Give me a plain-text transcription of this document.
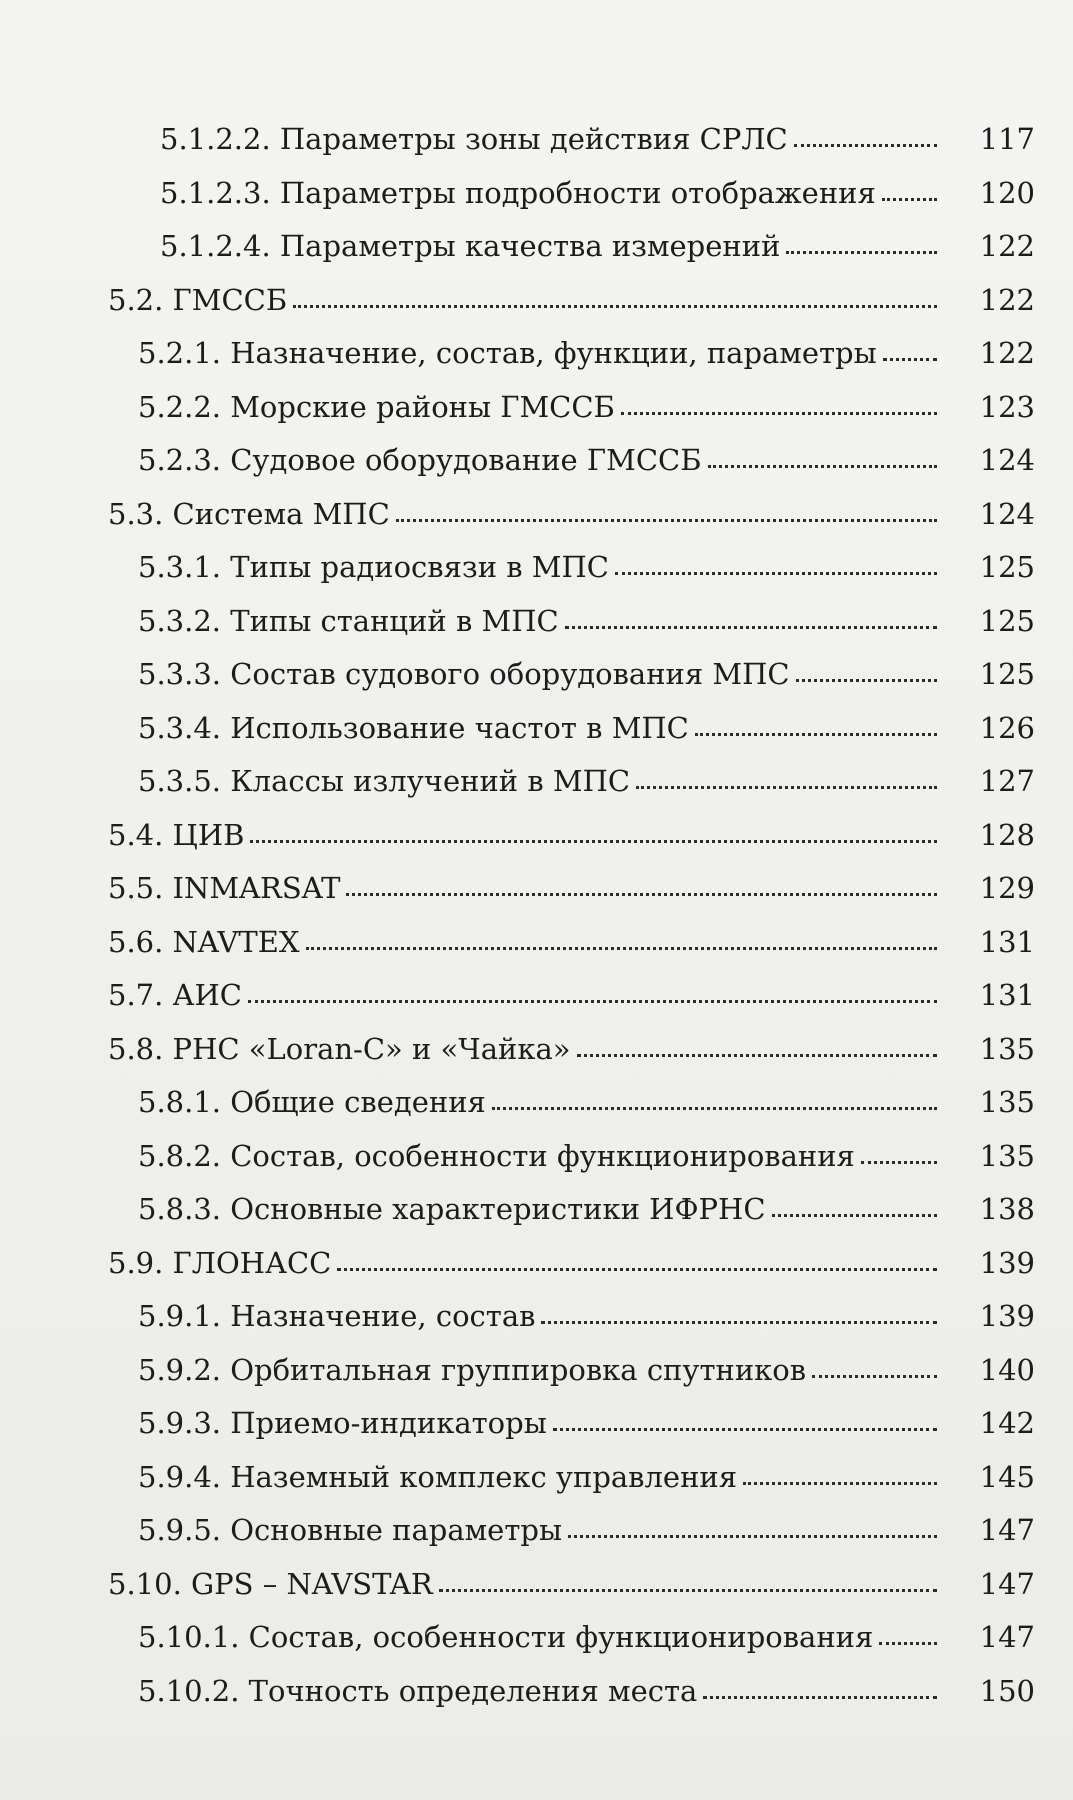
5.1.2.2. Параметры зоны действия СРЛС	117
5.1.2.3. Параметры подробности отображения	120
5.1.2.4. Параметры качества измерений	122
5.2. ГМССБ	122
5.2.1. Назначение, состав, функции, параметры	122
5.2.2. Морские районы ГМССБ	123
5.2.3. Судовое оборудование ГМССБ	124
5.3. Система МПС	124
5.3.1. Типы радиосвязи в МПС	125
5.3.2. Типы станций в МПС	125
5.3.3. Состав судового оборудования МПС	125
5.3.4. Использование частот в МПС	126
5.3.5. Классы излучений в МПС	127
5.4. ЦИВ	128
5.5. INMARSAT	129
5.6. NAVTEX	131
5.7. АИС	131
5.8. РНС «Loran-C» и «Чайка»	135
5.8.1. Общие сведения	135
5.8.2. Состав, особенности функционирования	135
5.8.3. Основные характеристики ИФРНС	138
5.9. ГЛОНАСС	139
5.9.1. Назначение, состав	139
5.9.2. Орбитальная группировка спутников	140
5.9.3. Приемо-индикаторы	142
5.9.4. Наземный комплекс управления	145
5.9.5. Основные параметры	147
5.10. GPS – NAVSTAR	147
5.10.1. Состав, особенности функционирования	147
5.10.2. Точность определения места	150
